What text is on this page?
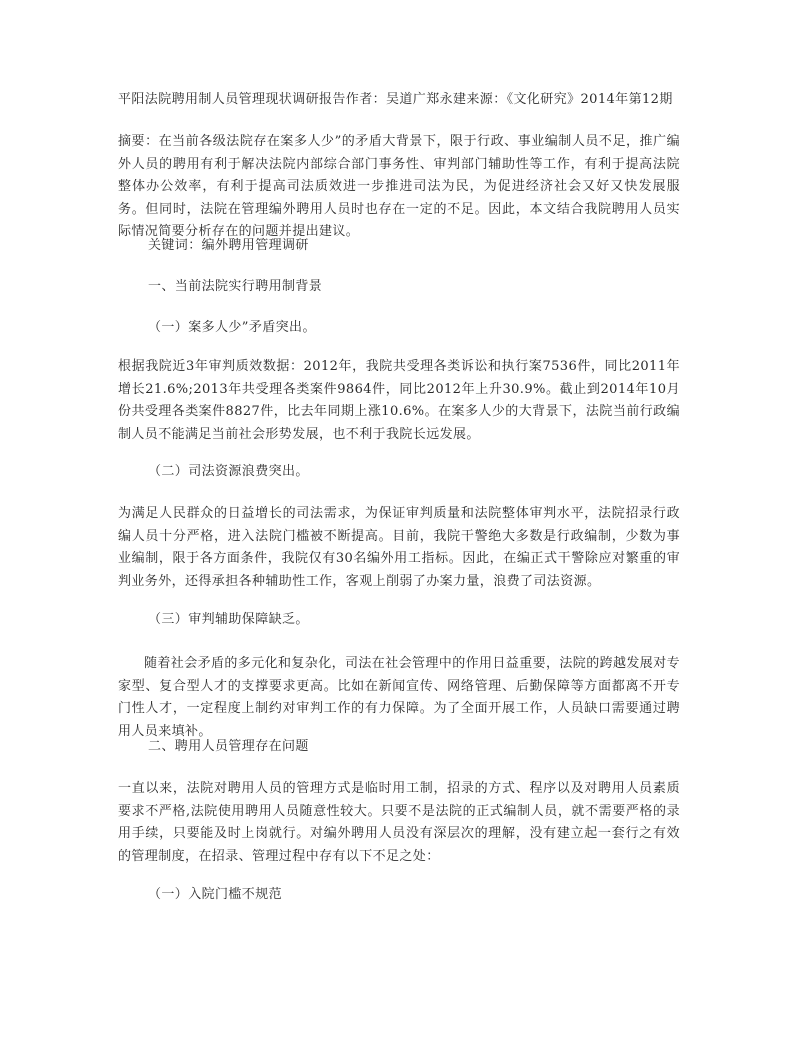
平阳法院聘用制人员管理现状调研报告作者：吴道广郑永建来源：《文化研究》2014年第12期

摘要：在当前各级法院存在案多人少”的矛盾大背景下，限于行政、事业编制人员不足，推广编外人员的聘用有利于解决法院内部综合部门事务性、审判部门辅助性等工作，有利于提高法院整体办公效率，有利于提高司法质效进一步推进司法为民，为促进经济社会又好又快发展服务。但同时，法院在管理编外聘用人员时也存在一定的不足。因此，本文结合我院聘用人员实际情况简要分析存在的问题并提出建议。

关键词：编外聘用管理调研

一、当前法院实行聘用制背景

（一）案多人少”矛盾突出。

根据我院近3年审判质效数据：2012年，我院共受理各类诉讼和执行案7536件，同比2011年增长21.6%;2013年共受理各类案件9864件，同比2012年上升30.9%。截止到2014年10月份共受理各类案件8827件，比去年同期上涨10.6%。在案多人少的大背景下，法院当前行政编制人员不能满足当前社会形势发展，也不利于我院长远发展。

（二）司法资源浪费突出。

为满足人民群众的日益增长的司法需求，为保证审判质量和法院整体审判水平，法院招录行政编人员十分严格，进入法院门槛被不断提高。目前，我院干警绝大多数是行政编制，少数为事业编制，限于各方面条件，我院仅有30名编外用工指标。因此，在编正式干警除应对繁重的审判业务外，还得承担各种辅助性工作，客观上削弱了办案力量，浪费了司法资源。

（三）审判辅助保障缺乏。

随着社会矛盾的多元化和复杂化，司法在社会管理中的作用日益重要，法院的跨越发展对专家型、复合型人才的支撑要求更高。比如在新闻宣传、网络管理、后勤保障等方面都离不开专门性人才，一定程度上制约对审判工作的有力保障。为了全面开展工作，人员缺口需要通过聘用人员来填补。

二、聘用人员管理存在问题

一直以来，法院对聘用人员的管理方式是临时用工制，招录的方式、程序以及对聘用人员素质要求不严格,法院使用聘用人员随意性较大。只要不是法院的正式编制人员，就不需要严格的录用手续，只要能及时上岗就行。对编外聘用人员没有深层次的理解，没有建立起一套行之有效的管理制度，在招录、管理过程中存有以下不足之处：

（一）入院门槛不规范
